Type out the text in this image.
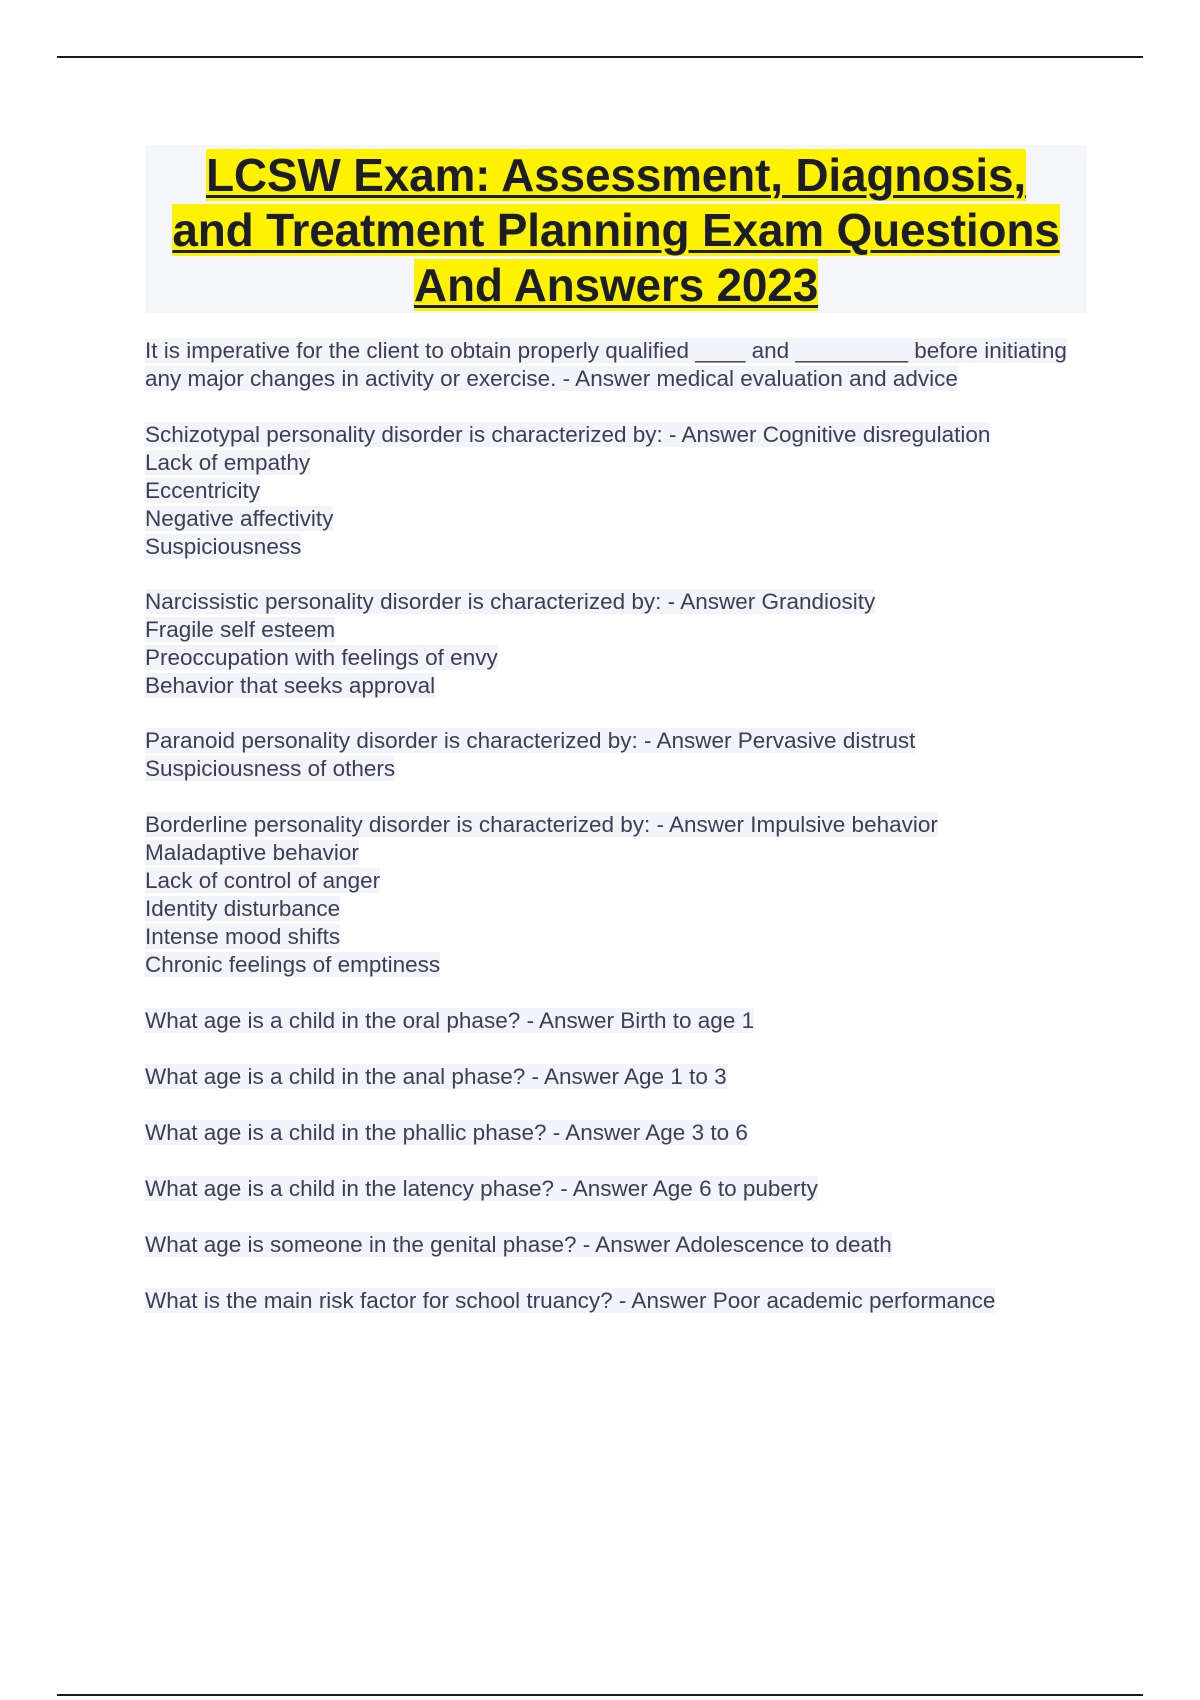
LCSW Exam: Assessment, Diagnosis,
and Treatment Planning Exam Questions
And Answers 2023

It is imperative for the client to obtain properly qualified ____ and _________ before initiating any major changes in activity or exercise. - Answer medical evaluation and advice

Schizotypal personality disorder is characterized by: - Answer Cognitive disregulation
Lack of empathy
Eccentricity
Negative affectivity
Suspiciousness

Narcissistic personality disorder is characterized by: - Answer Grandiosity
Fragile self esteem
Preoccupation with feelings of envy
Behavior that seeks approval

Paranoid personality disorder is characterized by: - Answer Pervasive distrust
Suspiciousness of others

Borderline personality disorder is characterized by: - Answer Impulsive behavior
Maladaptive behavior
Lack of control of anger
Identity disturbance
Intense mood shifts
Chronic feelings of emptiness

What age is a child in the oral phase? - Answer Birth to age 1

What age is a child in the anal phase? - Answer Age 1 to 3

What age is a child in the phallic phase? - Answer Age 3 to 6

What age is a child in the latency phase? - Answer Age 6 to puberty

What age is someone in the genital phase? - Answer Adolescence to death

What is the main risk factor for school truancy? - Answer Poor academic performance
